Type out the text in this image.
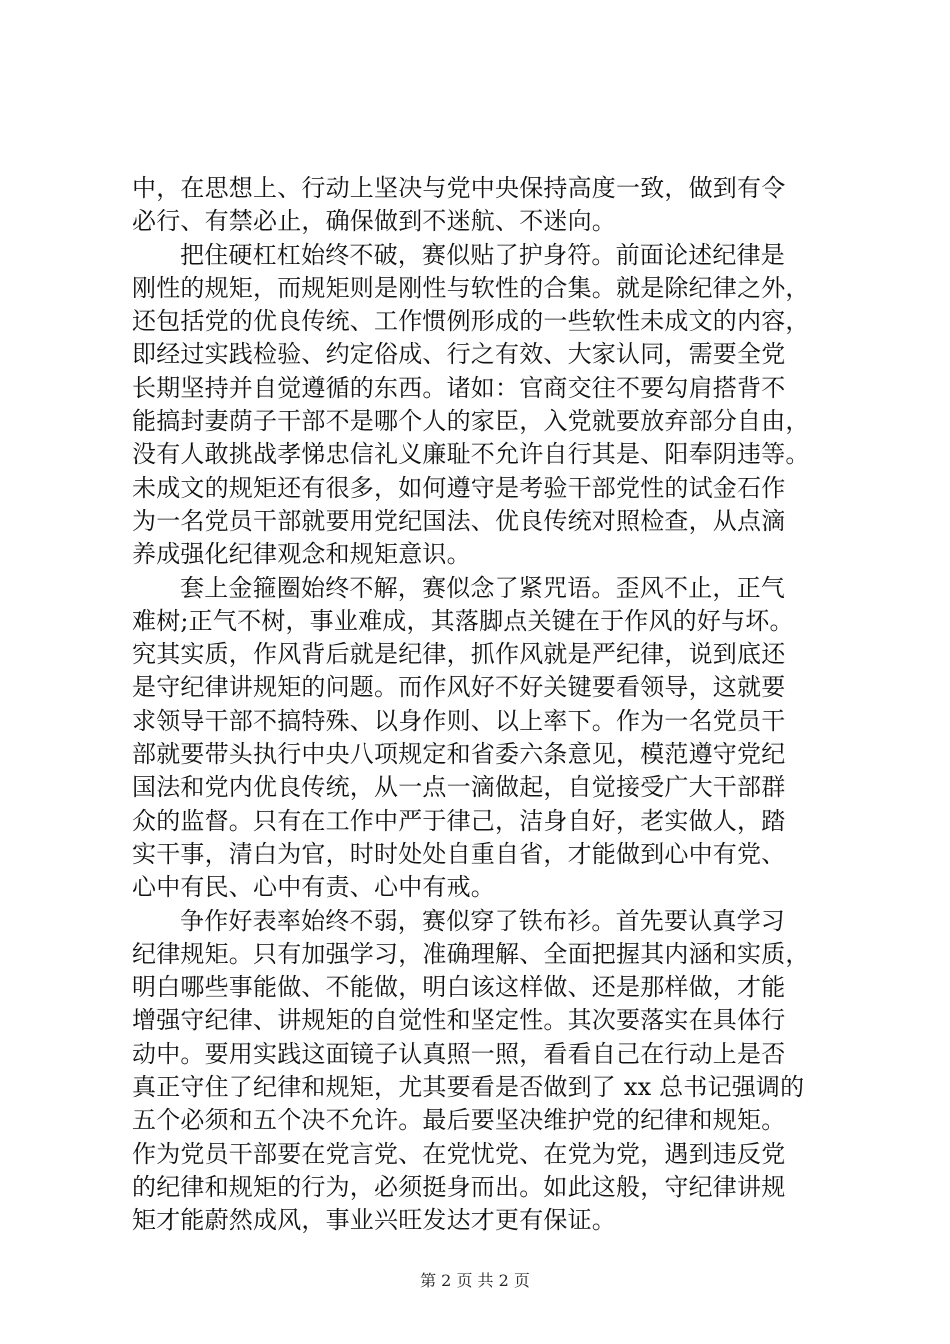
中，在思想上、行动上坚决与党中央保持高度一致，做到有令
必行、有禁必止，确保做到不迷航、不迷向。
把住硬杠杠始终不破，赛似贴了护身符。前面论述纪律是
刚性的规矩，而规矩则是刚性与软性的合集。就是除纪律之外，
还包括党的优良传统、工作惯例形成的一些软性未成文的内容，
即经过实践检验、约定俗成、行之有效、大家认同，需要全党
长期坚持并自觉遵循的东西。诸如：官商交往不要勾肩搭背不
能搞封妻荫子干部不是哪个人的家臣，入党就要放弃部分自由，
没有人敢挑战孝悌忠信礼义廉耻不允许自行其是、阳奉阴违等。
未成文的规矩还有很多，如何遵守是考验干部党性的试金石作
为一名党员干部就要用党纪国法、优良传统对照检查，从点滴
养成强化纪律观念和规矩意识。
套上金箍圈始终不解，赛似念了紧咒语。歪风不止，正气
难树;正气不树，事业难成，其落脚点关键在于作风的好与坏。
究其实质，作风背后就是纪律，抓作风就是严纪律，说到底还
是守纪律讲规矩的问题。而作风好不好关键要看领导，这就要
求领导干部不搞特殊、以身作则、以上率下。作为一名党员干
部就要带头执行中央八项规定和省委六条意见，模范遵守党纪
国法和党内优良传统，从一点一滴做起，自觉接受广大干部群
众的监督。只有在工作中严于律己，洁身自好，老实做人，踏
实干事，清白为官，时时处处自重自省，才能做到心中有党、
心中有民、心中有责、心中有戒。
争作好表率始终不弱，赛似穿了铁布衫。首先要认真学习
纪律规矩。只有加强学习，准确理解、全面把握其内涵和实质，
明白哪些事能做、不能做，明白该这样做、还是那样做，才能
增强守纪律、讲规矩的自觉性和坚定性。其次要落实在具体行
动中。要用实践这面镜子认真照一照，看看自己在行动上是否
真正守住了纪律和规矩，尤其要看是否做到了 xx 总书记强调的
五个必须和五个决不允许。最后要坚决维护党的纪律和规矩。
作为党员干部要在党言党、在党忧党、在党为党，遇到违反党
的纪律和规矩的行为，必须挺身而出。如此这般，守纪律讲规
矩才能蔚然成风，事业兴旺发达才更有保证。
第 2 页 共 2 页
